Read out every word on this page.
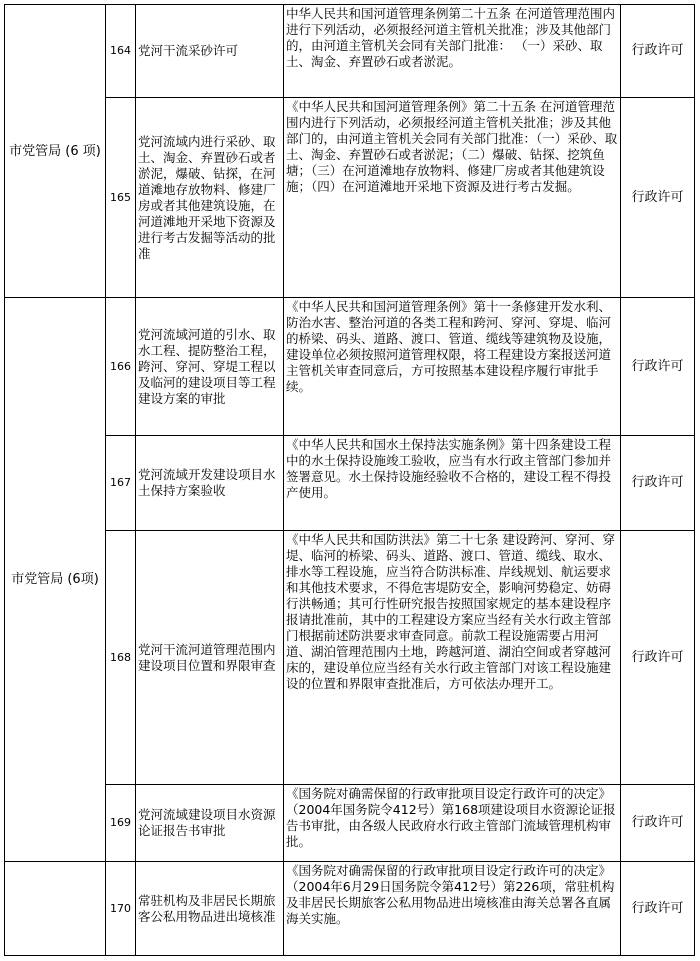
市党管局 (6 项)	164	党河干流采砂许可	中华人民共和国河道管理条例第二十五条 在河道管理范围内进行下列活动，必须报经河道主管机关批准；涉及其他部门的，由河道主管机关会同有关部门批准： （一）采砂、取土、淘金、弃置砂石或者淤泥。	行政许可
	165	党河流域内进行采砂、取土、淘金、弃置砂石或者淤泥，爆破、钻探，在河道滩地存放物料、修建厂房或者其他建筑设施，在河道滩地开采地下资源及进行考古发掘等活动的批准	《中华人民共和国河道管理条例》第二十五条 在河道管理范围内进行下列活动，必须报经河道主管机关批准；涉及其他部门的，由河道主管机关会同有关部门批准：（一）采砂、取土、淘金、弃置砂石或者淤泥；（二）爆破、钻探、挖筑鱼塘；（三）在河道滩地存放物料、修建厂房或者其他建筑设施；（四）在河道滩地开采地下资源及进行考古发掘。	行政许可
市党管局 (6项)	166	党河流域河道的引水、取水工程、提防整治工程，跨河、穿河、穿堤工程以及临河的建设项目等工程建设方案的审批	《中华人民共和国河道管理条例》第十一条修建开发水利、防治水害、整治河道的各类工程和跨河、穿河、穿堤、临河的桥梁、码头、道路、渡口、管道、缆线等建筑物及设施，建设单位必须按照河道管理权限，将工程建设方案报送河道主管机关审查同意后，方可按照基本建设程序履行审批手续。	行政许可
	167	党河流域开发建设项目水土保持方案验收	《中华人民共和国水土保持法实施条例》第十四条建设工程中的水土保持设施竣工验收，应当有水行政主管部门参加并签署意见。水土保持设施经验收不合格的，建设工程不得投产使用。	行政许可
	168	党河干流河道管理范围内建设项目位置和界限审查	《中华人民共和国防洪法》第二十七条 建设跨河、穿河、穿堤、临河的桥梁、码头、道路、渡口、管道、缆线、取水、排水等工程设施，应当符合防洪标准、岸线规划、航运要求和其他技术要求，不得危害堤防安全，影响河势稳定、妨碍行洪畅通；其可行性研究报告按照国家规定的基本建设程序报请批准前，其中的工程建设方案应当经有关水行政主管部门根据前述防洪要求审查同意。前款工程设施需要占用河道、湖泊管理范围内土地，跨越河道、湖泊空间或者穿越河床的，建设单位应当经有关水行政主管部门对该工程设施建设的位置和界限审查批准后，方可依法办理开工。	行政许可
	169	党河流域建设项目水资源论证报告书审批	《国务院对确需保留的行政审批项目设定行政许可的决定》（2004年国务院令412号）第168项建设项目水资源论证报告书审批，由各级人民政府水行政主管部门流域管理机构审批。	行政许可
	170	常驻机构及非居民长期旅客公私用物品进出境核准	《国务院对确需保留的行政审批项目设定行政许可的决定》（2004年6月29日国务院令第412号）第226项，常驻机构及非居民长期旅客公私用物品进出境核准由海关总署各直属海关实施。	行政许可
